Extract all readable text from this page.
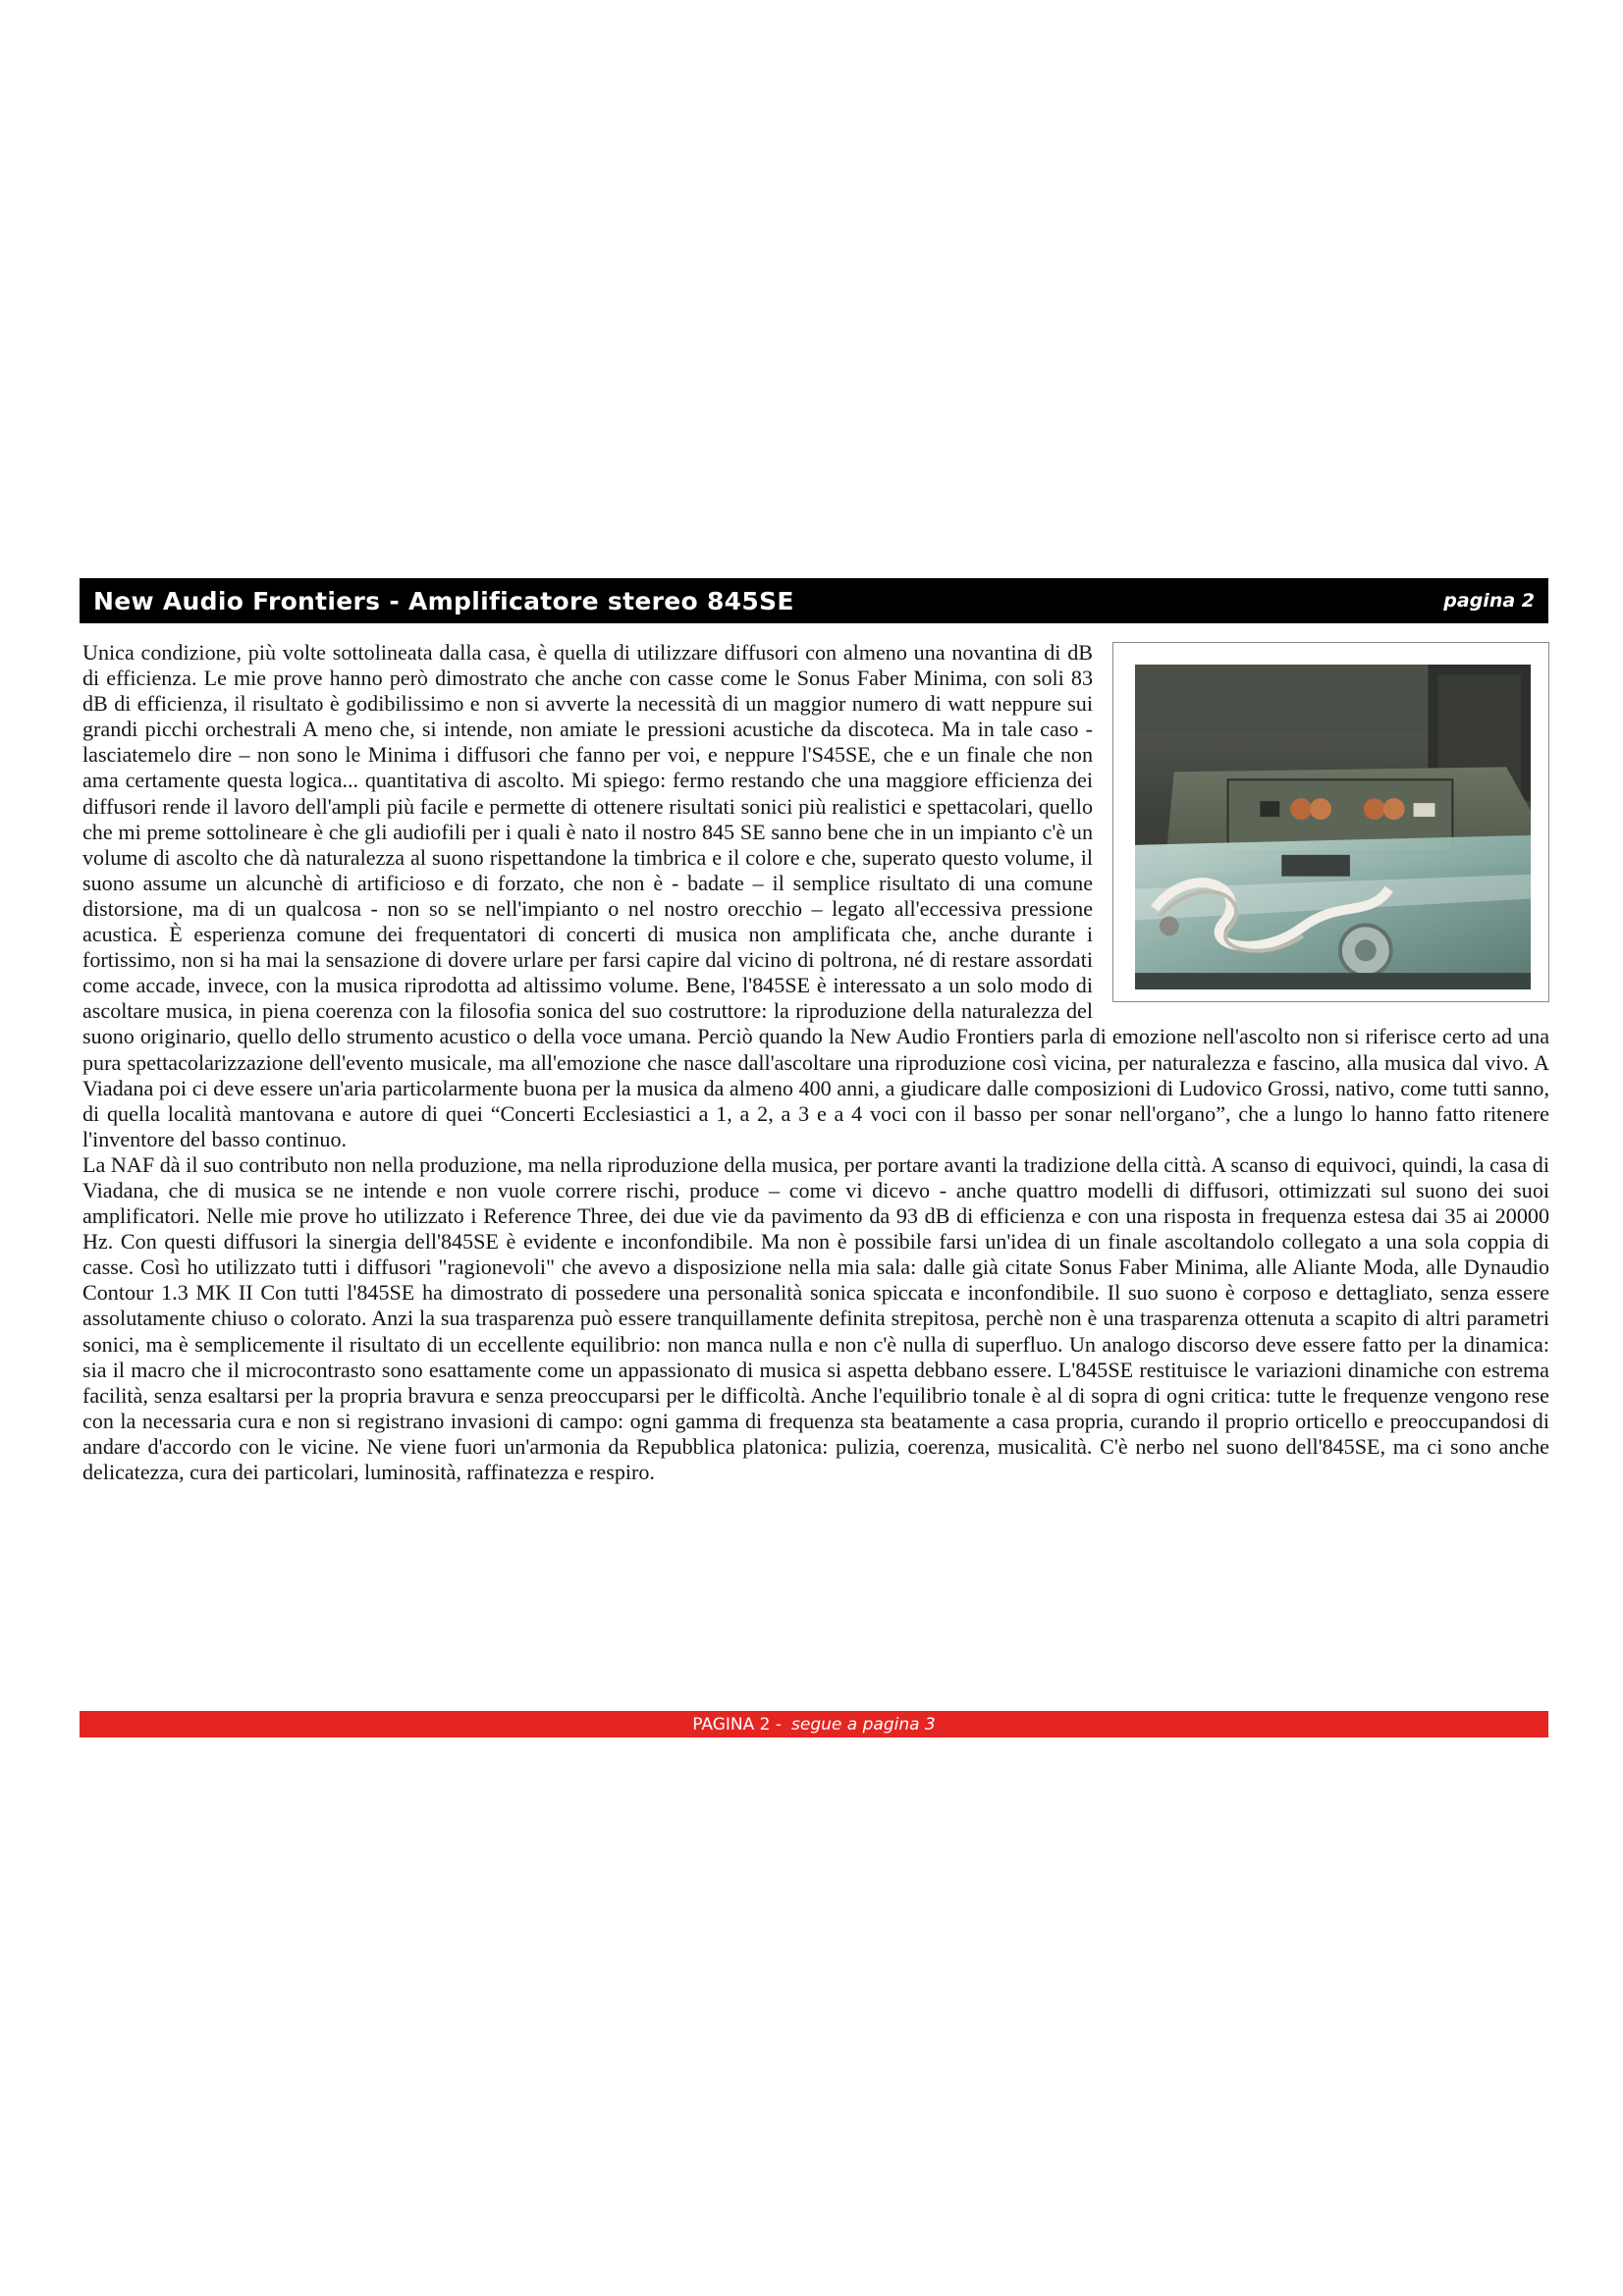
New Audio Frontiers - Amplificatore stereo 845SE	pagina 2

Unica condizione, più volte sottolineata dalla casa, è quella di utilizzare diffusori con almeno una novantina di dB di efficienza. Le mie prove hanno però dimostrato che anche con casse come le Sonus Faber Minima, con soli 83 dB di efficienza, il risultato è godibilissimo e non si avverte la necessità di un maggior numero di watt neppure sui grandi picchi orchestrali A meno che, si intende, non amiate le pressioni acustiche da discoteca. Ma in tale caso - lasciatemelo dire – non sono le Minima i diffusori che fanno per voi, e neppure l'S45SE, che e un finale che non ama certamente questa logica... quantitativa di ascolto. Mi spiego: fermo restando che una maggiore efficienza dei diffusori rende il lavoro dell'ampli più facile e permette di ottenere risultati sonici più realistici e spettacolari, quello che mi preme sottolineare è che gli audiofili per i quali è nato il nostro 845 SE sanno bene che in un impianto c'è un volume di ascolto che dà naturalezza al suono rispettandone la timbrica e il colore e che, superato questo volume, il suono assume un alcunchè di artificioso e di forzato, che non è - badate – il semplice risultato di una comune distorsione, ma di un qualcosa - non so se nell'impianto o nel nostro orecchio – legato all'eccessiva pressione acustica. È esperienza comune dei frequentatori di concerti di musica non amplificata che, anche durante i fortissimo, non si ha mai la sensazione di dovere urlare per farsi capire dal vicino di poltrona, né di restare assordati come accade, invece, con la musica riprodotta ad altissimo volume. Bene, l'845SE è interessato a un solo modo di ascoltare musica, in piena coerenza con la filosofia sonica del suo costruttore: la riproduzione della naturalezza del suono originario, quello dello strumento acustico o della voce umana. Perciò quando la New Audio Frontiers parla di emozione nell'ascolto non si riferisce certo ad una pura spettacolarizzazione dell'evento musicale, ma all'emozione che nasce dall'ascoltare una riproduzione così vicina, per naturalezza e fascino, alla musica dal vivo. A Viadana poi ci deve essere un'aria particolarmente buona per la musica da almeno 400 anni, a giudicare dalle composizioni di Ludovico Grossi, nativo, come tutti sanno, di quella località mantovana e autore di quei “Concerti Ecclesiastici a 1, a 2, a 3 e a 4 voci con il basso per sonar nell'organo”, che a lungo lo hanno fatto ritenere l'inventore del basso continuo.

La NAF dà il suo contributo non nella produzione, ma nella riproduzione della musica, per portare avanti la tradizione della città. A scanso di equivoci, quindi, la casa di Viadana, che di musica se ne intende e non vuole correre rischi, produce – come vi dicevo - anche quattro modelli di diffusori, ottimizzati sul suono dei suoi amplificatori. Nelle mie prove ho utilizzato i Reference Three, dei due vie da pavimento da 93 dB di efficienza e con una risposta in frequenza estesa dai 35 ai 20000 Hz. Con questi diffusori la sinergia dell'845SE è evidente e inconfondibile. Ma non è possibile farsi un'idea di un finale ascoltandolo collegato a una sola coppia di casse. Così ho utilizzato tutti i diffusori "ragionevoli" che avevo a disposizione nella mia sala: dalle già citate Sonus Faber Minima, alle Aliante Moda, alle Dynaudio Contour 1.3 MK II Con tutti l'845SE ha dimostrato di possedere una personalità sonica spiccata e inconfondibile. Il suo suono è corposo e dettagliato, senza essere assolutamente chiuso o colorato. Anzi la sua trasparenza può essere tranquillamente definita strepitosa, perchè non è una trasparenza ottenuta a scapito di altri parametri sonici, ma è semplicemente il risultato di un eccellente equilibrio: non manca nulla e non c'è nulla di superfluo. Un analogo discorso deve essere fatto per la dinamica: sia il macro che il microcontrasto sono esattamente come un appassionato di musica si aspetta debbano essere. L'845SE restituisce le variazioni dinamiche con estrema facilità, senza esaltarsi per la propria bravura e senza preoccuparsi per le difficoltà. Anche l'equilibrio tonale è al di sopra di ogni critica: tutte le frequenze vengono rese con la necessaria cura e non si registrano invasioni di campo: ogni gamma di frequenza sta beatamente a casa propria, curando il proprio orticello e preoccupandosi di andare d'accordo con le vicine. Ne viene fuori un'armonia da Repubblica platonica: pulizia, coerenza, musicalità. C'è nerbo nel suono dell'845SE, ma ci sono anche delicatezza, cura dei particolari, luminosità, raffinatezza e respiro.

PAGINA 2 - segue a pagina 3
